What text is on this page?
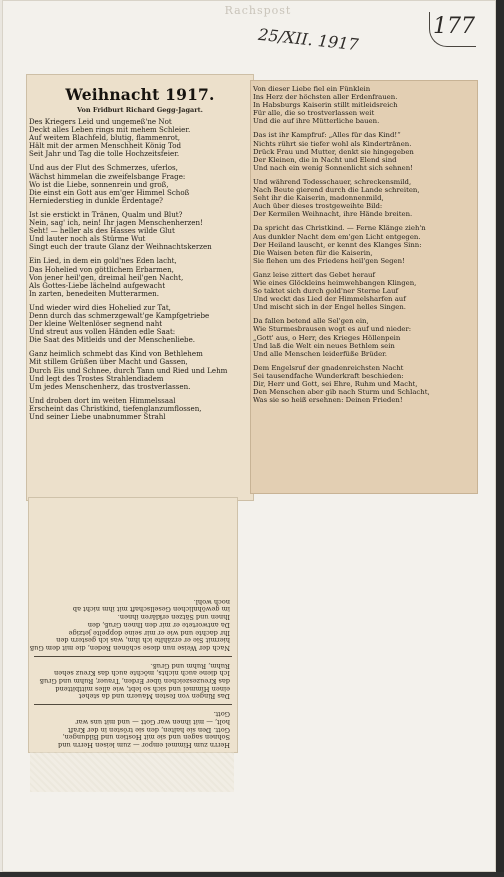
Rachspost
25/XII. 1917	177
Weihnacht 1917.
Von Fridburt Richard Gegg-Jagart.
Des Kriegers Leid und ungemeß'ne Not
Deckt alles Leben rings mit mehem Schleier.
Auf weitem Blachfeld, blutig, flammenrot,
Hält mit der armen Menschheit König Tod
Seit Jahr und Tag die tolle Hochzeitsfeier.
Und aus der Flut des Schmerzes, uferlos,
Wächst himmelan die zweifelsbange Frage:
Wo ist die Liebe, sonnenrein und groß,
Die einst ein Gott aus em'ger Himmel Schoß
Herniederstieg in dunkle Erdentage?
Ist sie erstickt in Tränen, Qualm und Blut?
Nein, sag' ich, nein! Ihr jagen Menschenherzen!
Seht! — heller als des Hasses wilde Glut
Und lauter noch als Stürme Wut
Singt euch der traute Glanz der Weihnachtskerzen
Ein Lied, in dem ein gold'nes Eden lacht,
Das Hohelied von göttlichem Erbarmen,
Von jener heil'gen, dreimal heil'gen Nacht,
Als Gottes-Liebe lächelnd aufgewacht
In zarten, benedeiten Mutterarmen.
Und wieder wird dies Hohelied zur Tat,
Denn durch das schmerzgewalt'ge Kampfgetriebe
Der kleine Weltenlöser segnend naht
Und streut aus vollen Händen edle Saat:
Die Saat des Mitleids und der Menschenliebe.
Ganz heimlich schmebt das Kind von Bethlehem
Mit stillem Grüßen über Macht und Gassen,
Durch Eis und Schnee, durch Tann und Ried und Lehm
Und legt des Trostes Strahlendiadem
Um jedes Menschenherz, das trostverlassen.
Und droben dort im weiten Himmelssaal
Erscheint das Christkind, tiefenglanzumflossen,
Und seiner Liebe unabnummer Strahl
Von dieser Liebe fiel ein Fünklein
Ins Herz der höchsten aller Erdenfrauen.
In Habsburgs Kaiserin stillt mitleidsreich
Für alle, die so trostverlassen weit
Und die auf ihre Mütterliche bauen.
Das ist ihr Kampfruf: „Alles für das Kind!“
Nichts rührt sie tiefer wohl als Kindertränen.
Drück Frau und Mutter, denkt sie hingegeben
Der Kleinen, die in Nacht und Elend sind
Und nach ein wenig Sonnenlicht sich sehnen!
Und während Todesschauer, schreckensmild,
Nach Beute gierend durch die Lande schreiten,
Seht ihr die Kaiserin, madonnenmild,
Auch über dieses trostgeweihte Bild:
Der Kermilen Weihnacht, ihre Hände breiten.
Da spricht das Christkind. — Ferne Klänge zieh'n
Aus dunkler Nacht dem em'gen Licht entgegen.
Der Heiland lauscht, er kennt des Klanges Sinn:
Die Waisen beten für die Kaiserin,
Sie flehen um des Friedens heil'gen Segen!
Ganz leise zittert das Gebet herauf
Wie eines Glöckleins heimwehbangen Klingen,
So taktet sich durch gold'ner Sterne Lauf
Und weckt das Lied der Himmelsharfen auf
Und mischt sich in der Engel helles Singen.
Da fallen betend alle Sel'gen ein,
Wie Sturmesbrausen wogt es auf und nieder:
„Gott' aus, o Herr, des Krieges Höllenpein
Und laß die Welt ein neues Bethlem sein
Und alle Menschen leiderfüße Brüder.
Dem Engelsruf der gnadenreichsten Nacht
Sei tausendfache Wunderkraft beschieden:
Dir, Herr und Gott, sei Ehre, Ruhm und Macht,
Den Menschen aber gib nach Sturm und Schlacht,
Was sie so heiß ersehnen: Deinen Frieden!
Herrn zum Himmel empor — zum leisen Herrn und
Sohnen sagen und sie mit Hostien und Bildungen,
Gott. Den sie halten, den sie trösten in der Kraft
holt, — mit ihnen war Gott — und mit uns war
Gott.
Das Ringen von festen Mauern und da stehet
einen Himmel und sich so lebt, wie alles mittbittend
das Kreuzeszeichen über Erden, Trauer, Ruhm und Gruß
Ich diene auch nichts, möchte auch das Kreuz sehen
Ruhm, Ruhm und Gruß.
Nach der Weise nun diese schönen Reden, die mit dem Guß
hiermit Sie er erzählte ich ihm, was ich gestern den
Ihr dachte und wie er mir seine doppelte jetzige
Da antwortete er mir den Ihnen Gruß, den
Ihnen und Sätzen erklären ihnen.
im gewöhnlichen Gesellschaft mit ihm nicht ab
noch wohl.
